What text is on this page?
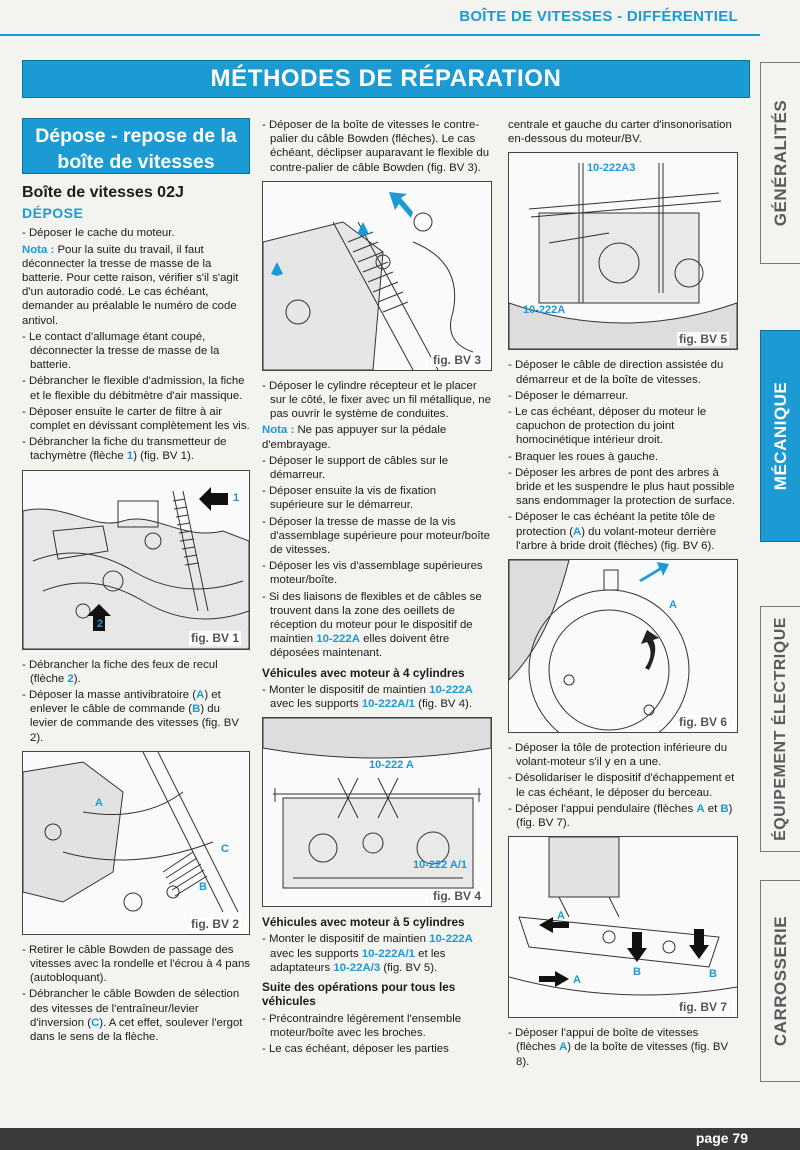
BOÎTE DE VITESSES - DIFFÉRENTIEL
MÉTHODES DE RÉPARATION
GÉNÉRALITÉS
MÉCANIQUE
ÉQUIPEMENT ÉLECTRIQUE
CARROSSERIE
Dépose - repose de la boîte de vitesses
Boîte de vitesses 02J
DÉPOSE

- Déposer le cache du moteur.

Nota : Pour la suite du travail, il faut déconnecter la tresse de masse de la batterie. Pour cette raison, vérifier s'il s'agit d'un autoradio codé. Le cas échéant, demander au préalable le numéro de code antivol.

- Le contact d'allumage étant coupé, déconnecter la tresse de masse de la batterie.

- Débrancher le flexible d'admission, la fiche et le flexible du débitmètre d'air massique.

- Déposer ensuite le carter de filtre à air complet en dévissant complètement les vis.

- Débrancher la fiche du transmetteur de tachymètre (flèche 1) (fig. BV 1).

1
2
fig. BV 1

- Débrancher la fiche des feux de recul (flèche 2).

- Déposer la masse antivibratoire (A) et enlever le câble de commande (B) du levier de commande des vitesses (fig. BV 2).

A
B
C
fig. BV 2

- Retirer le câble Bowden de passage des vitesses avec la rondelle et l'écrou à 4 pans (autobloquant).

- Débrancher le câble Bowden de sélection des vitesses de l'entraîneur/levier d'inversion (C). A cet effet, soulever l'ergot dans le sens de la flèche.

- Déposer de la boîte de vitesses le contre-palier du câble Bowden (flèches). Le cas échéant, déclipser auparavant le flexible du contre-palier de câble Bowden (fig. BV 3).

fig. BV 3

- Déposer le cylindre récepteur et le placer sur le côté, le fixer avec un fil métallique, ne pas ouvrir le système de conduites.

Nota : Ne pas appuyer sur la pédale d'embrayage.

- Déposer le support de câbles sur le démarreur.

- Déposer ensuite la vis de fixation supérieure sur le démarreur.

- Déposer la tresse de masse de la vis d'assemblage supérieure pour moteur/boîte de vitesses.

- Déposer les vis d'assemblage supérieures moteur/boîte.

- Si des liaisons de flexibles et de câbles se trouvent dans la zone des oeillets de réception du moteur pour le dispositif de maintien 10-222A elles doivent être déposées maintenant.

Véhicules avec moteur à 4 cylindres

- Monter le dispositif de maintien 10-222A avec les supports 10-222A/1 (fig. BV 4).

10-222 A
10-222 A/1
fig. BV 4
Véhicules avec moteur à 5 cylindres

- Monter le dispositif de maintien 10-222A avec les supports 10-222A/1 et les adaptateurs 10-22A/3 (fig. BV 5).

Suite des opérations pour tous les véhicules

- Précontraindre légèrement l'ensemble moteur/boîte avec les broches.

- Le cas échéant, déposer les parties

centrale et gauche du carter d'insonorisation en-dessous du moteur/BV.

10-222A3
10-222A
fig. BV 5

- Déposer le câble de direction assistée du démarreur et de la boîte de vitesses.

- Déposer le démarreur.

- Le cas échéant, déposer du moteur le capuchon de protection du joint homocinétique intérieur droit.

- Braquer les roues à gauche.

- Déposer les arbres de pont des arbres à bride et les suspendre le plus haut possible sans endommager la protection de surface.

- Déposer le cas échéant la petite tôle de protection (A) du volant-moteur derrière l'arbre à bride droit (flèches) (fig. BV 6).

A
fig. BV 6

- Déposer la tôle de protection inférieure du volant-moteur s'il y en a une.

- Désolidariser le dispositif d'échappement et le cas échéant, le déposer du berceau.

- Déposer l'appui pendulaire (flèches A et B) (fig. BV 7).

A
A
B	B
fig. BV 7

- Déposer l'appui de boîte de vitesses (flèches A) de la boîte de vitesses (fig. BV 8).

page 79
